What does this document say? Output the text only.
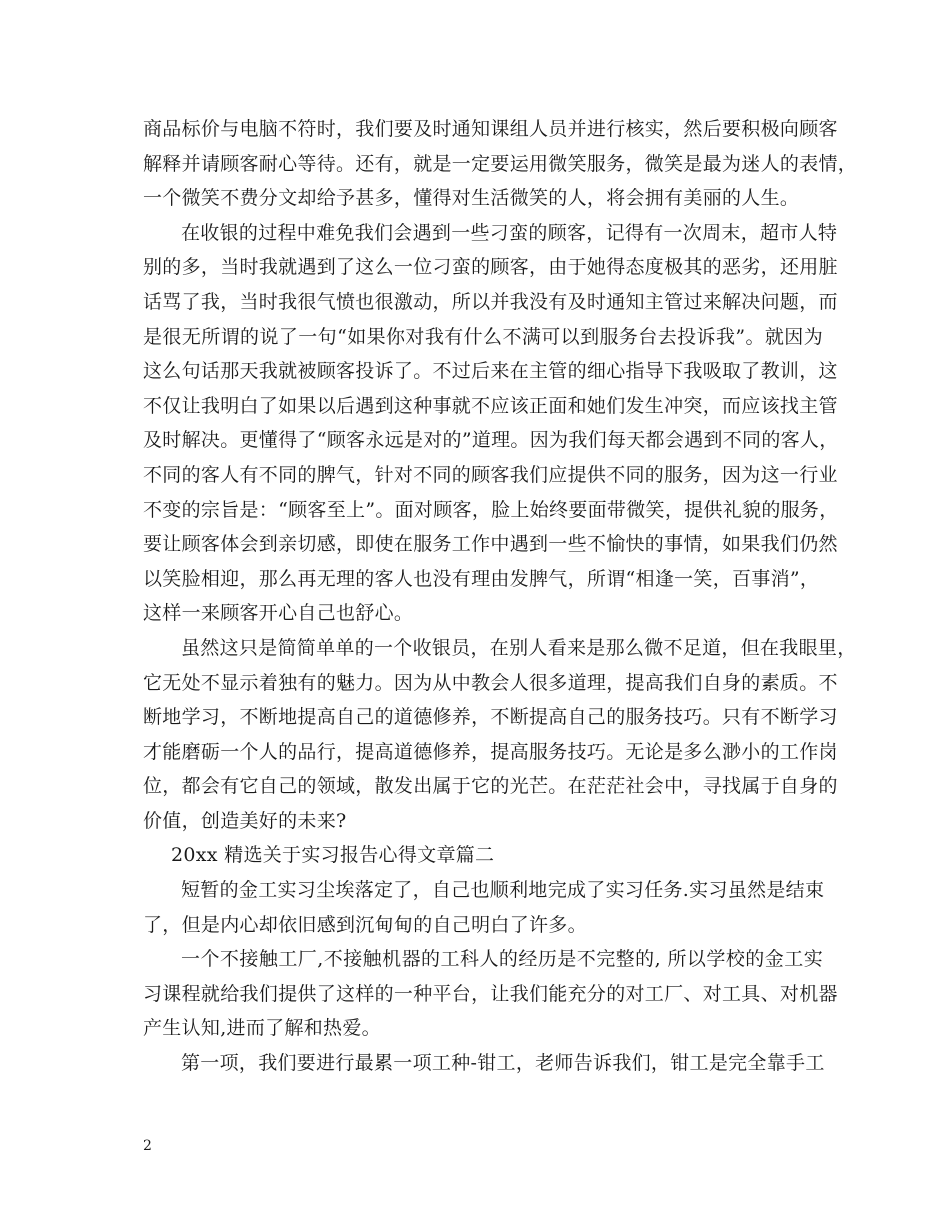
商品标价与电脑不符时，我们要及时通知课组人员并进行核实，然后要积极向顾客
解释并请顾客耐心等待。还有，就是一定要运用微笑服务，微笑是最为迷人的表情，
一个微笑不费分文却给予甚多，懂得对生活微笑的人，将会拥有美丽的人生。
在收银的过程中难免我们会遇到一些刁蛮的顾客，记得有一次周末，超市人特
别的多，当时我就遇到了这么一位刁蛮的顾客，由于她得态度极其的恶劣，还用脏
话骂了我，当时我很气愤也很激动，所以并我没有及时通知主管过来解决问题，而
是很无所谓的说了一句“如果你对我有什么不满可以到服务台去投诉我”。就因为
这么句话那天我就被顾客投诉了。不过后来在主管的细心指导下我吸取了教训，这
不仅让我明白了如果以后遇到这种事就不应该正面和她们发生冲突，而应该找主管
及时解决。更懂得了“顾客永远是对的”道理。因为我们每天都会遇到不同的客人，
不同的客人有不同的脾气，针对不同的顾客我们应提供不同的服务，因为这一行业
不变的宗旨是：“顾客至上”。面对顾客，脸上始终要面带微笑，提供礼貌的服务，
要让顾客体会到亲切感，即使在服务工作中遇到一些不愉快的事情，如果我们仍然
以笑脸相迎，那么再无理的客人也没有理由发脾气，所谓“相逢一笑，百事消”，
这样一来顾客开心自己也舒心。
虽然这只是简简单单的一个收银员，在别人看来是那么微不足道，但在我眼里，
它无处不显示着独有的魅力。因为从中教会人很多道理，提高我们自身的素质。不
断地学习，不断地提高自己的道德修养，不断提高自己的服务技巧。只有不断学习
才能磨砺一个人的品行，提高道德修养，提高服务技巧。无论是多么渺小的工作岗
位，都会有它自己的领域，散发出属于它的光芒。在茫茫社会中，寻找属于自身的
价值，创造美好的未来?
20xx 精选关于实习报告心得文章篇二
短暂的金工实习尘埃落定了，自己也顺利地完成了实习任务.实习虽然是结束
了，但是内心却依旧感到沉甸甸的自己明白了许多。
一个不接触工厂,不接触机器的工科人的经历是不完整的, 所以学校的金工实
习课程就给我们提供了这样的一种平台，让我们能充分的对工厂、对工具、对机器
产生认知,进而了解和热爱。
第一项，我们要进行最累一项工种-钳工，老师告诉我们，钳工是完全靠手工
2
